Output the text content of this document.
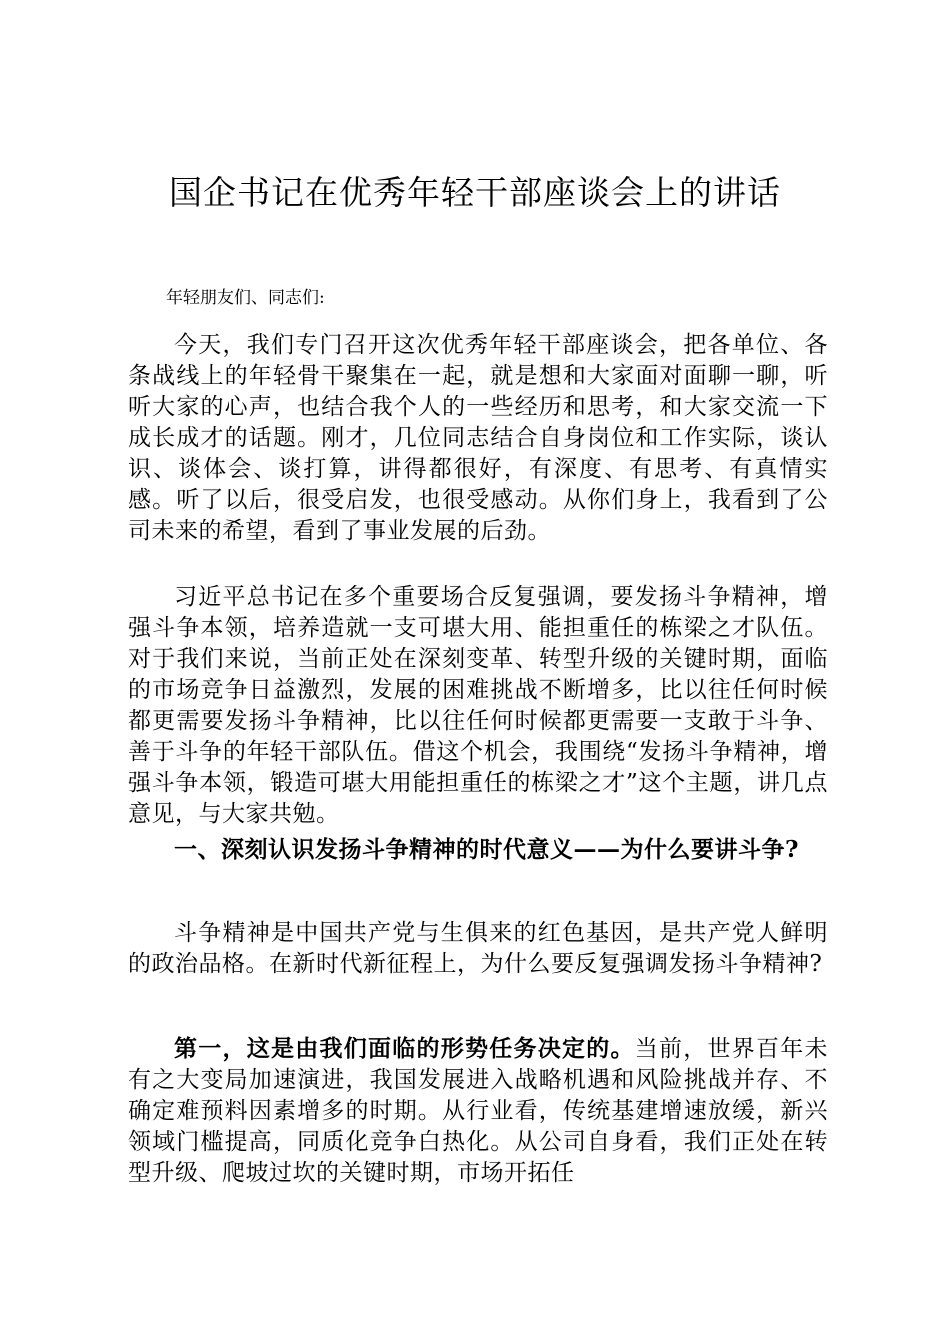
国企书记在优秀年轻干部座谈会上的讲话

年轻朋友们、同志们:

今天，我们专门召开这次优秀年轻干部座谈会，把各单位、各条战线上的年轻骨干聚集在一起，就是想和大家面对面聊一聊，听听大家的心声，也结合我个人的一些经历和思考，和大家交流一下成长成才的话题。刚才，几位同志结合自身岗位和工作实际，谈认识、谈体会、谈打算，讲得都很好，有深度、有思考、有真情实感。听了以后，很受启发，也很受感动。从你们身上，我看到了公司未来的希望，看到了事业发展的后劲。

习近平总书记在多个重要场合反复强调，要发扬斗争精神，增强斗争本领，培养造就一支可堪大用、能担重任的栋梁之才队伍。对于我们来说，当前正处在深刻变革、转型升级的关键时期，面临的市场竞争日益激烈，发展的困难挑战不断增多，比以往任何时候都更需要发扬斗争精神，比以往任何时候都更需要一支敢于斗争、善于斗争的年轻干部队伍。借这个机会，我围绕“发扬斗争精神，增强斗争本领，锻造可堪大用能担重任的栋梁之才”这个主题，讲几点意见，与大家共勉。

一、深刻认识发扬斗争精神的时代意义——为什么要讲斗争?

斗争精神是中国共产党与生俱来的红色基因，是共产党人鲜明的政治品格。在新时代新征程上，为什么要反复强调发扬斗争精神?

第一，这是由我们面临的形势任务决定的。当前，世界百年未有之大变局加速演进，我国发展进入战略机遇和风险挑战并存、不确定难预料因素增多的时期。从行业看，传统基建增速放缓，新兴领域门槛提高，同质化竞争白热化。从公司自身看，我们正处在转型升级、爬坡过坎的关键时期，市场开拓任
